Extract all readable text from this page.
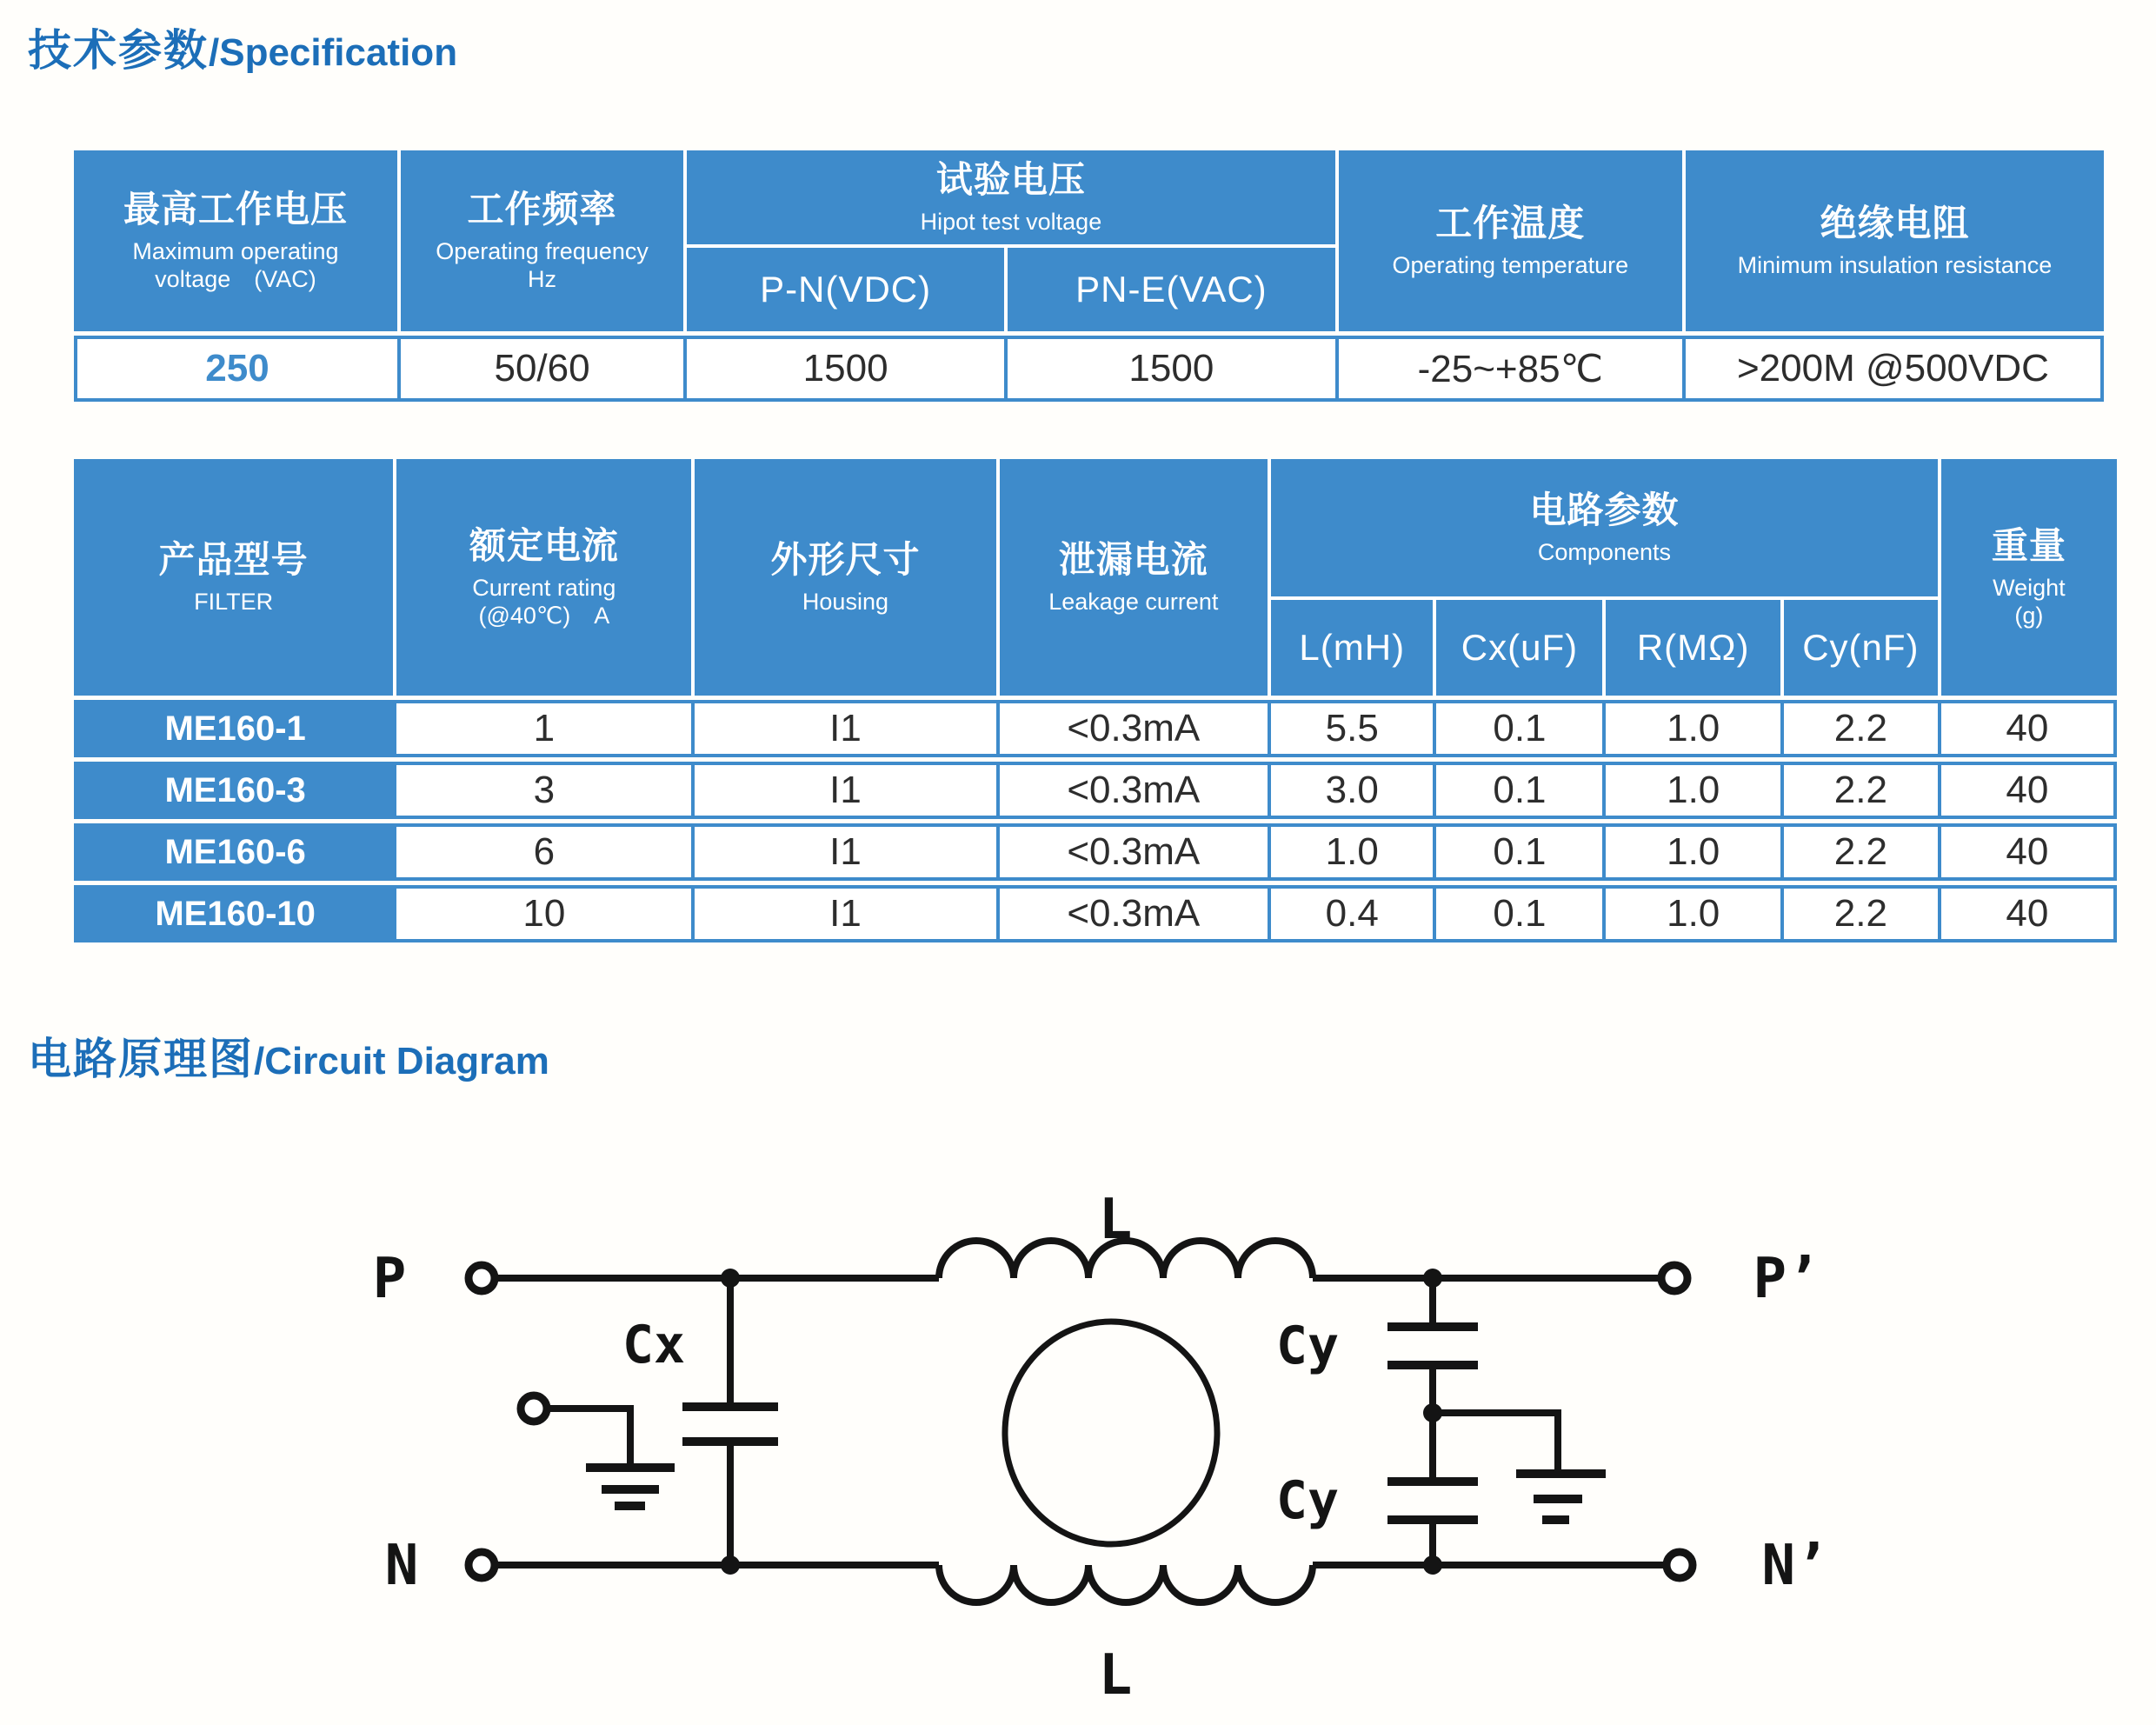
技术参数/Specification
最高工作电压
Maximum operating
voltage　(VAC)
工作频率
Operating frequency
Hz
试验电压
Hipot test voltage
P-N(VDC)	PN-E(VAC)
工作温度
Operating temperature
绝缘电阻
Minimum insulation resistance
250	50/60	1500	1500	-25~+85℃	>200M @500VDC
产品型号
FILTER
额定电流
Current rating
(@40℃)　A
外形尺寸
Housing
泄漏电流
Leakage current
电路参数
Components
L(mH) Cx(uF) R(MΩ) Cy(nF)
重量
Weight
(g)
ME160-1	1	I1	<0.3mA	5.5	0.1	1.0	2.2	40
ME160-3	3	I1	<0.3mA	3.0	0.1	1.0	2.2	40
ME160-6	6	I1	<0.3mA	1.0	0.1	1.0	2.2	40
ME160-10	10	I1	<0.3mA	0.4	0.1	1.0	2.2	40
电路原理图/Circuit Diagram
P
N
P’
N’
Cx	Cy
Cy
L
L
